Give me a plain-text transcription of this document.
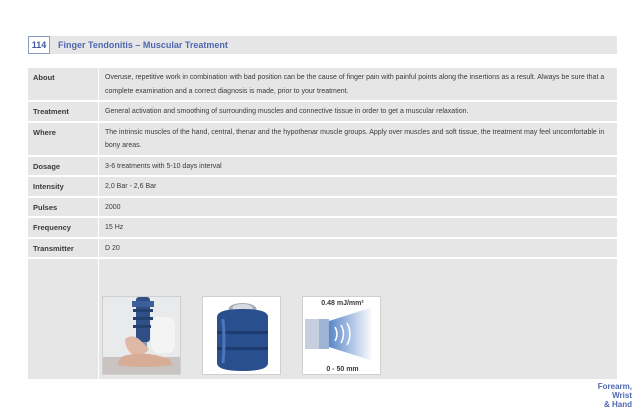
114	Finger Tendonitis – Muscular Treatment
About	Overuse, repetitive work in combination with bad position can be the cause of finger pain with painful points along the insertions as a result. Always be sure that a complete examination and a correct diagnosis is made, prior to your treatment.
Treatment	General activation and smoothing of surrounding muscles and connective tissue in order to get a muscular relaxation.
Where	The intrinsic muscles of the hand, central, thenar and the hypothenar muscle groups. Apply over muscles and soft tissue, the treatment may feel uncomfortable in bony areas.
Dosage	3-6 treatments with 5-10 days interval
Intensity	2,0 Bar - 2,6 Bar
Pulses	2000
Frequency	15 Hz
Transmitter	D 20
0.48 mJ/mm²
0 - 50 mm
Forearm,
Wrist
& Hand
